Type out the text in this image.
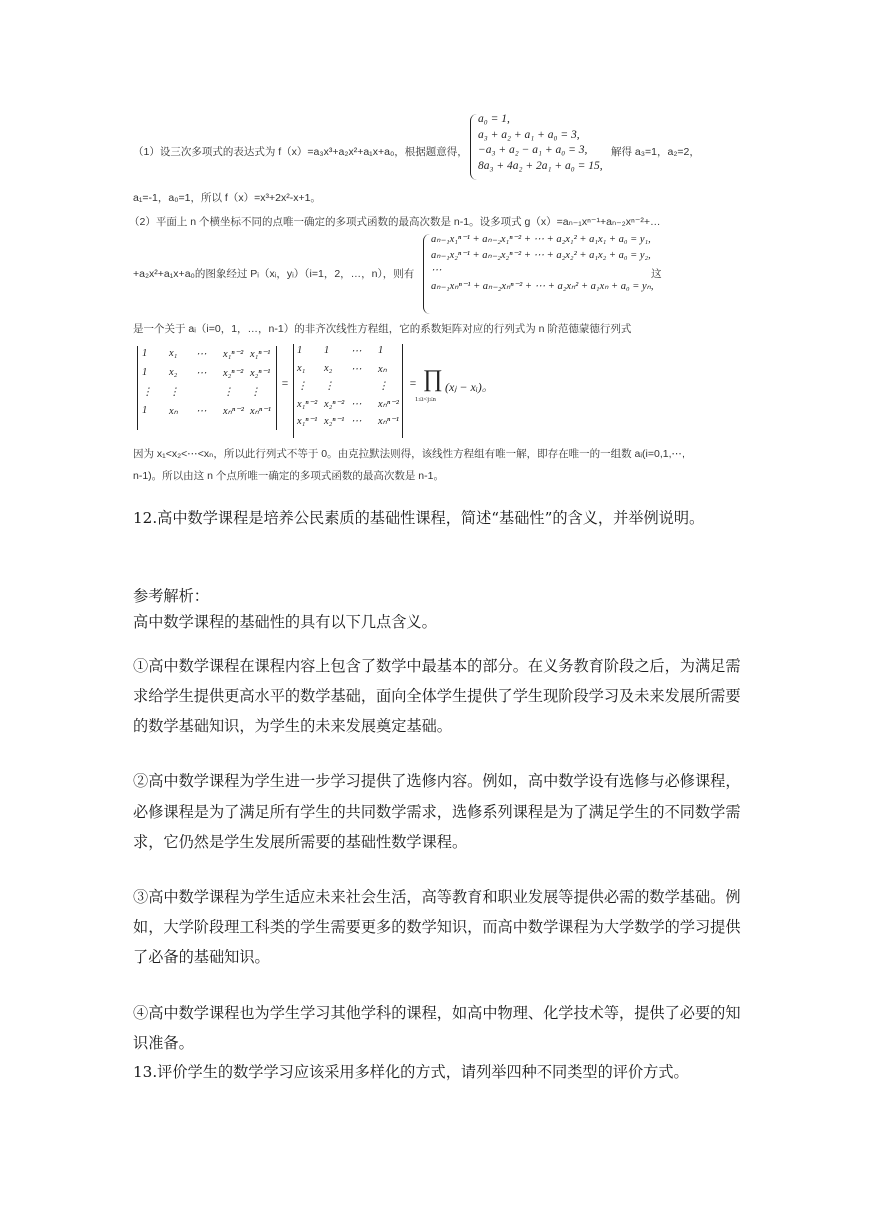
（1）设三次多项式的表达式为 f（x）=a₃x³+a₂x²+a₁x+a₀，根据题意得，
a₀ = 1,
a₃ + a₂ + a₁ + a₀ = 3,
−a₃ + a₂ − a₁ + a₀ = 3,
8a₃ + 4a₂ + 2a₁ + a₀ = 15,
解得 a₃=1，a₂=2，
a₁=-1，a₀=1，所以 f（x）=x³+2x²-x+1。
（2）平面上 n 个横坐标不同的点唯一确定的多项式函数的最高次数是 n-1。设多项式 g（x）=aₙ₋₁xⁿ⁻¹+aₙ₋₂xⁿ⁻²+…
+a₂x²+a₁x+a₀的图象经过 Pᵢ（xᵢ，yᵢ）（i=1，2，…，n），则有
aₙ₋₁x₁ⁿ⁻¹ + aₙ₋₂x₁ⁿ⁻² + ⋯ + a₂x₁² + a₁x₁ + a₀ = y₁,
aₙ₋₁x₂ⁿ⁻¹ + aₙ₋₂x₂ⁿ⁻² + ⋯ + a₂x₂² + a₁x₂ + a₀ = y₂,
⋯
aₙ₋₁xₙⁿ⁻¹ + aₙ₋₂xₙⁿ⁻² + ⋯ + a₂xₙ² + a₁xₙ + a₀ = yₙ,
这
是一个关于 aᵢ（i=0，1，…，n-1）的非齐次线性方程组，它的系数矩阵对应的行列式为 n 阶范德蒙德行列式
1 x₁ ⋯ x₁ⁿ⁻² x₁ⁿ⁻¹
1 x₂ ⋯ x₂ⁿ⁻² x₂ⁿ⁻¹
⋮ ⋮	⋮ ⋮
1 xₙ ⋯ xₙⁿ⁻² xₙⁿ⁻¹
=
1 1 ⋯ 1
x₁ x₂ ⋯ xₙ
⋮ ⋮	⋮
x₁ⁿ⁻² x₂ⁿ⁻² ⋯ xₙⁿ⁻²
x₁ⁿ⁻¹ x₂ⁿ⁻¹ ⋯ xₙⁿ⁻¹
= ∏
1≤i<j≤n
(xⱼ − xᵢ)。
因为 x₁<x₂<⋯<xₙ，所以此行列式不等于 0。由克拉默法则得，该线性方程组有唯一解，即存在唯一的一组数 aᵢ(i=0,1,⋯,
n-1)。所以由这 n 个点所唯一确定的多项式函数的最高次数是 n-1。
12.高中数学课程是培养公民素质的基础性课程，简述“基础性”的含义，并举例说明。
参考解析：
高中数学课程的基础性的具有以下几点含义。
①高中数学课程在课程内容上包含了数学中最基本的部分。在义务教育阶段之后，为满足需
求给学生提供更高水平的数学基础，面向全体学生提供了学生现阶段学习及未来发展所需要
的数学基础知识，为学生的未来发展奠定基础。
②高中数学课程为学生进一步学习提供了选修内容。例如，高中数学设有选修与必修课程，
必修课程是为了满足所有学生的共同数学需求，选修系列课程是为了满足学生的不同数学需
求，它仍然是学生发展所需要的基础性数学课程。
③高中数学课程为学生适应未来社会生活，高等教育和职业发展等提供必需的数学基础。例
如，大学阶段理工科类的学生需要更多的数学知识，而高中数学课程为大学数学的学习提供
了必备的基础知识。
④高中数学课程也为学生学习其他学科的课程，如高中物理、化学技术等，提供了必要的知
识准备。
13.评价学生的数学学习应该采用多样化的方式，请列举四种不同类型的评价方式。
